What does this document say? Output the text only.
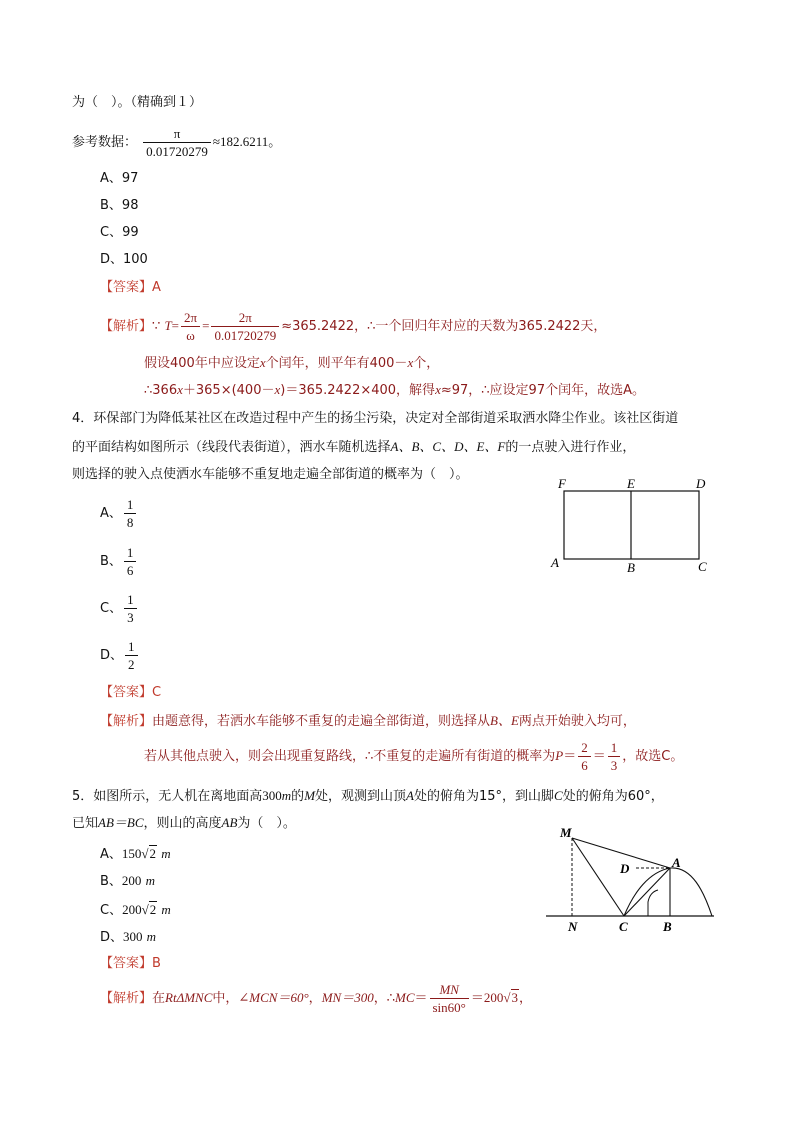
为（　）。（精确到１）
参考数据： $\frac{\pi}{0.01720279} \approx 182.6211$。
A、97
B、98
C、99
D、100
【答案】A
【解析】∵ $T= \frac{2\pi}{\omega} = \frac{2\pi}{0.01720279} \approx 365.2422$，∴一个回归年对应的天数为365.2422天，
假设400年中应设定x个闰年，则平年有400－x个，
∴366x＋365×(400－x)＝365.2422×400，解得x≈97，∴应设定97个闰年，故选A。
4．环保部门为降低某社区在改造过程中产生的扬尘污染，决定对全部街道采取洒水降尘作业。该社区街道
的平面结构如图所示（线段代表街道），洒水车随机选择A、B、C、D、E、F的一点驶入进行作业，
则选择的驶入点使洒水车能够不重复地走遍全部街道的概率为（　）。
A、 $\frac{1}{8}$
B、 $\frac{1}{6}$
C、 $\frac{1}{3}$
D、 $\frac{1}{2}$
F	E	D
A	B	C
【答案】C
【解析】由题意得，若洒水车能够不重复的走遍全部街道，则选择从B、E两点开始驶入均可，
若从其他点驶入，则会出现重复路线，∴不重复的走遍所有街道的概率为$P= \frac{2}{6} = \frac{1}{3}$ ，故选C。
5．如图所示，无人机在离地面高300m的M处，观测到山顶A处的俯角为15°，到山脚C处的俯角为60°，
已知AB＝BC，则山的高度AB为（　）。
A、150√2 m
B、200 m
C、200√2 m
D、300 m
M
D	A
N	C	B
【答案】B
【解析】在RtΔMNC中，∠MCN＝60°，MN＝300，∴MC＝ $\frac{MN}{\sin 60^\circ} =200√3$，
